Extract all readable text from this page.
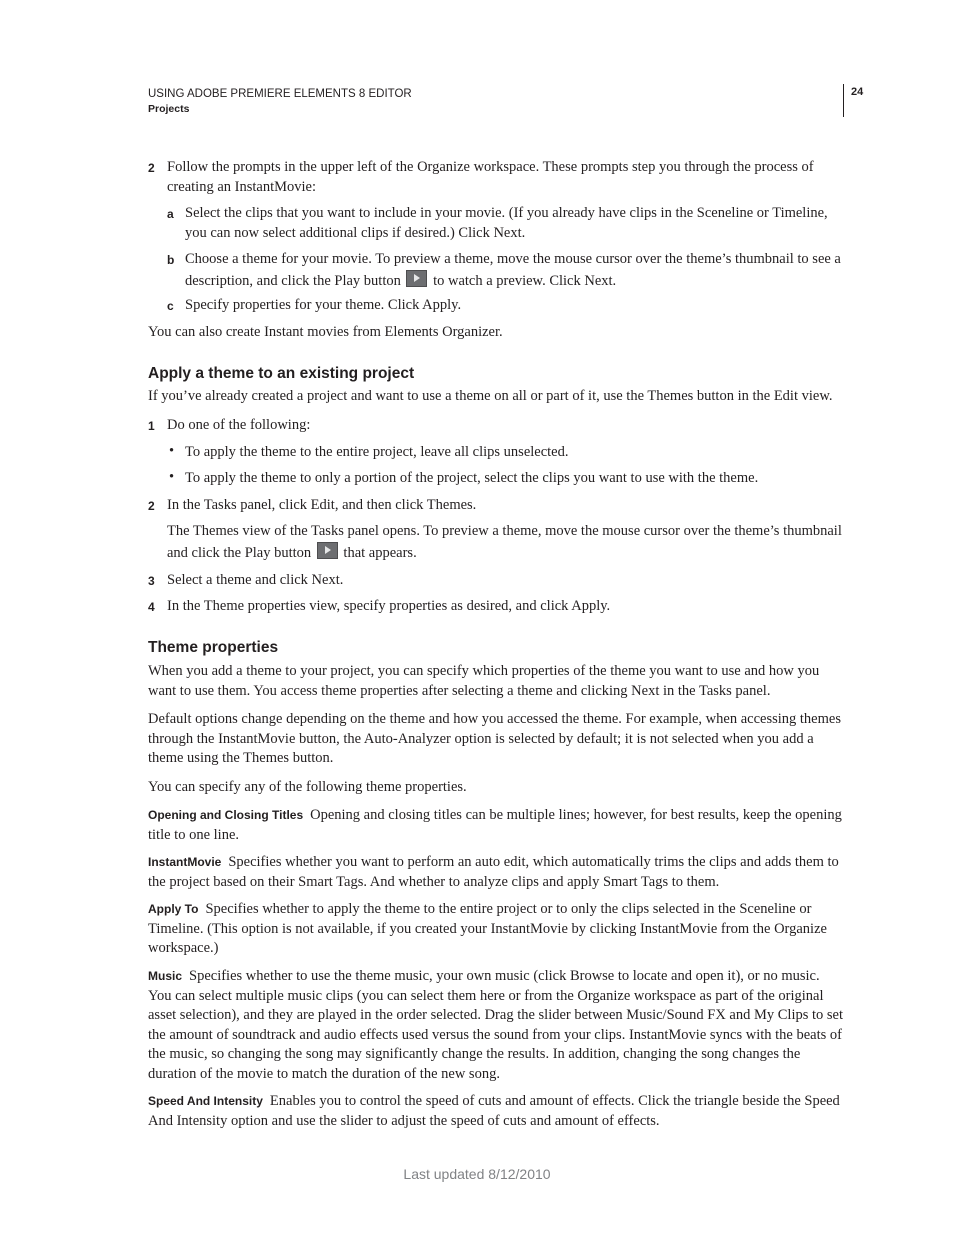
USING ADOBE PREMIERE ELEMENTS 8 EDITOR
Projects
24
2 Follow the prompts in the upper left of the Organize workspace. These prompts step you through the process of creating an InstantMovie:
a Select the clips that you want to include in your movie. (If you already have clips in the Sceneline or Timeline, you can now select additional clips if desired.) Click Next.
b Choose a theme for your movie. To preview a theme, move the mouse cursor over the theme’s thumbnail to see a description, and click the Play button to watch a preview. Click Next.
c Specify properties for your theme. Click Apply.
You can also create Instant movies from Elements Organizer.
Apply a theme to an existing project
If you’ve already created a project and want to use a theme on all or part of it, use the Themes button in the Edit view.
1 Do one of the following:
• To apply the theme to the entire project, leave all clips unselected.
• To apply the theme to only a portion of the project, select the clips you want to use with the theme.
2 In the Tasks panel, click Edit, and then click Themes.
The Themes view of the Tasks panel opens. To preview a theme, move the mouse cursor over the theme’s thumbnail and click the Play button that appears.
3 Select a theme and click Next.
4 In the Theme properties view, specify properties as desired, and click Apply.
Theme properties
When you add a theme to your project, you can specify which properties of the theme you want to use and how you want to use them. You access theme properties after selecting a theme and clicking Next in the Tasks panel.
Default options change depending on the theme and how you accessed the theme. For example, when accessing themes through the InstantMovie button, the Auto-Analyzer option is selected by default; it is not selected when you add a theme using the Themes button.
You can specify any of the following theme properties.
Opening and Closing Titles Opening and closing titles can be multiple lines; however, for best results, keep the opening title to one line.
InstantMovie Specifies whether you want to perform an auto edit, which automatically trims the clips and adds them to the project based on their Smart Tags. And whether to analyze clips and apply Smart Tags to them.
Apply To Specifies whether to apply the theme to the entire project or to only the clips selected in the Sceneline or Timeline. (This option is not available, if you created your InstantMovie by clicking InstantMovie from the Organize workspace.)
Music Specifies whether to use the theme music, your own music (click Browse to locate and open it), or no music. You can select multiple music clips (you can select them here or from the Organize workspace as part of the original asset selection), and they are played in the order selected. Drag the slider between Music/Sound FX and My Clips to set the amount of soundtrack and audio effects used versus the sound from your clips. InstantMovie syncs with the beats of the music, so changing the song may significantly change the results. In addition, changing the song changes the duration of the movie to match the duration of the new song.
Speed And Intensity Enables you to control the speed of cuts and amount of effects. Click the triangle beside the Speed And Intensity option and use the slider to adjust the speed of cuts and amount of effects.
Last updated 8/12/2010
